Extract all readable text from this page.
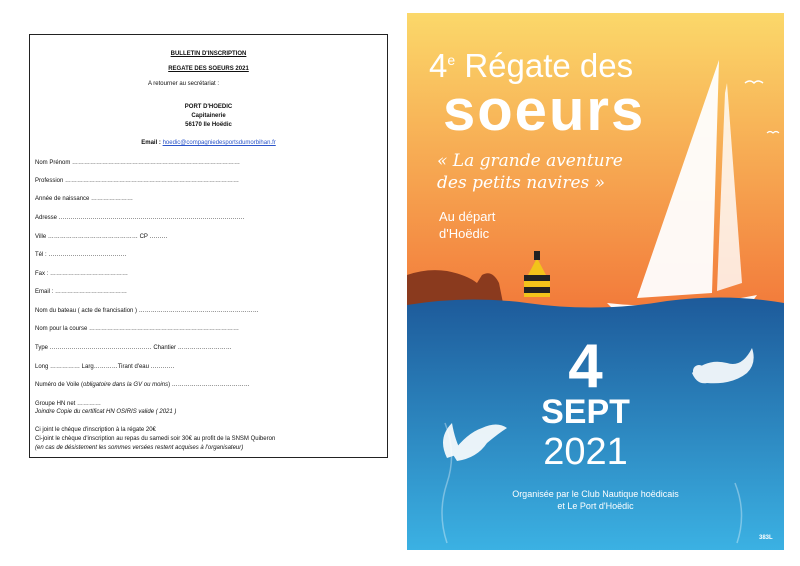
BULLETIN D'INSCRIPTION
REGATE DES SOEURS 2021
A retourner au secrétariat :
PORT D'HOEDIC
Capitainerie
56170 Ile Hoëdic
Email : hoedic@compagniedesportsdumorbihan.fr
Nom Prénom …………………………………………………………………………
Profession ……………………………………………………………………………
Année de naissance …………………
Adresse …………………………………………………………………………………
Ville ……………………………………… CP ………
Tél : …………………………………
Fax : …………………………………
Email : ………………………………
Nom du bateau ( acte de francisation ) ……………………………………………………
Nom pour la course …………………………………………………………………
Type …………………………………………… Chantier ………………………
Long …………… Larg…………Tirant d'eau …………
Numéro de Voile (obligatoire dans la GV ou moins) …………………………………
Groupe HN net …………
Joindre Copie du certificat HN OSIRIS valide ( 2021 )
Ci joint le chéque d'inscription à la régate 20€
Ci-joint le chèque d'inscription au repas du samedi soir 30€ au profit de la SNSM Quiberon
(en cas de désistement les sommes versées restent acquises à l'organisateur)
4e Régate des
soeurs
« La grande aventure
des petits navires »
Au départ
d'Hoëdic
4
SEPT
2021
Organisée par le Club Nautique hoëdicais
et Le Port d'Hoëdic
383L
